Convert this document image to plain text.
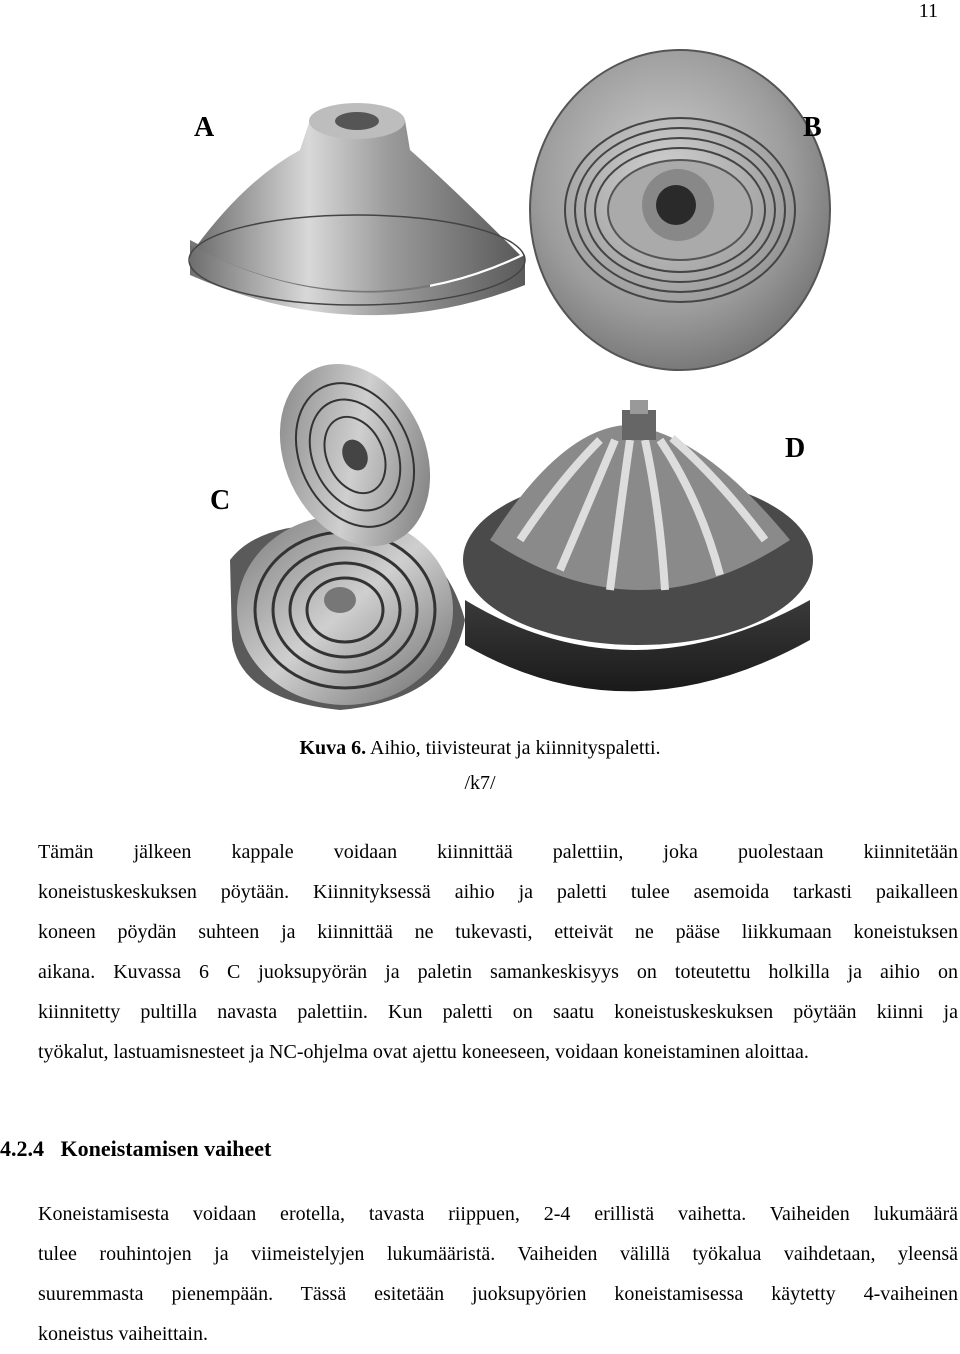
11
A	B
C
D
Kuva 6. Aihio, tiivisteurat ja kiinnityspaletti.
/k7/
Tämän jälkeen kappale voidaan kiinnittää palettiin, joka puolestaan kiinnitetään
koneistuskeskuksen pöytään. Kiinnityksessä aihio ja paletti tulee asemoida tarkasti paikalleen
koneen pöydän suhteen ja kiinnittää ne tukevasti, etteivät ne pääse liikkumaan koneistuksen
aikana. Kuvassa 6 C juoksupyörän ja paletin samankeskisyys on toteutettu holkilla ja aihio on
kiinnitetty pultilla navasta palettiin. Kun paletti on saatu koneistuskeskuksen pöytään kiinni ja
työkalut, lastuamisnesteet ja NC-ohjelma ovat ajettu koneeseen, voidaan koneistaminen aloittaa.
4.2.4 Koneistamisen vaiheet
Koneistamisesta voidaan erotella, tavasta riippuen, 2-4 erillistä vaihetta. Vaiheiden lukumäärä
tulee rouhintojen ja viimeistelyjen lukumääristä. Vaiheiden välillä työkalua vaihdetaan, yleensä
suuremmasta pienempään. Tässä esitetään juoksupyörien koneistamisessa käytetty 4-vaiheinen
koneistus vaiheittain.
